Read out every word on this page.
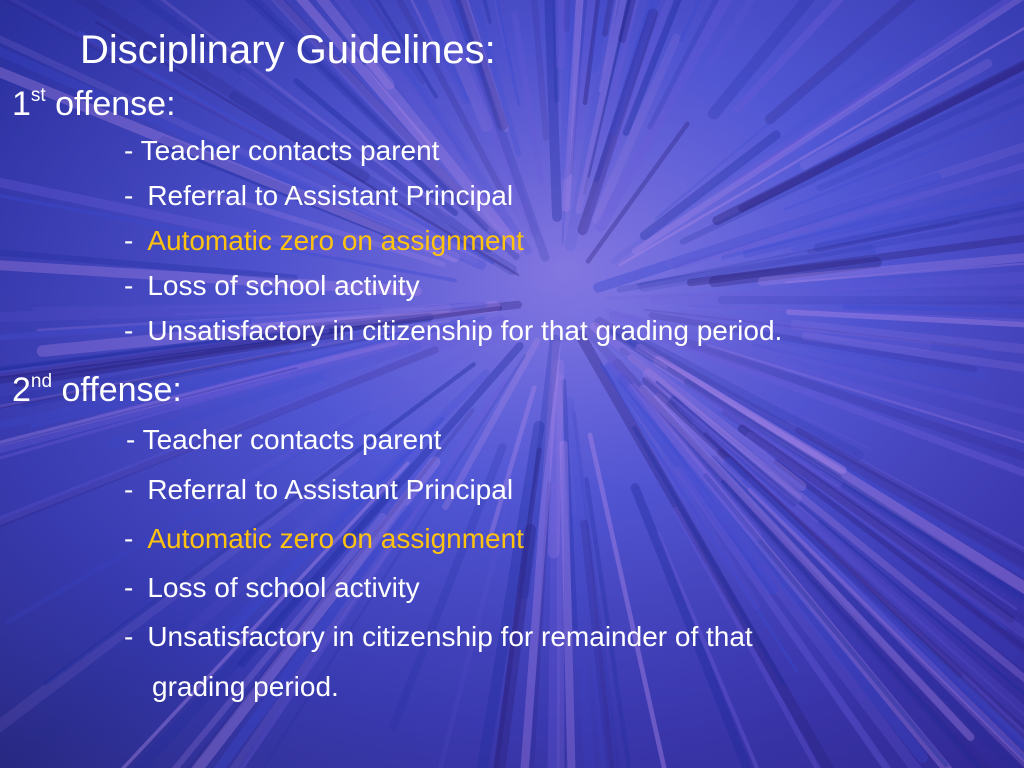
Disciplinary Guidelines:
1st offense:
- Teacher contacts parent
- Referral to Assistant Principal
- Automatic zero on assignment
- Loss of school activity
- Unsatisfactory in citizenship for that grading period.
2nd offense:
- Teacher contacts parent
- Referral to Assistant Principal
- Automatic zero on assignment
- Loss of school activity
- Unsatisfactory in citizenship for remainder of that
grading period.
